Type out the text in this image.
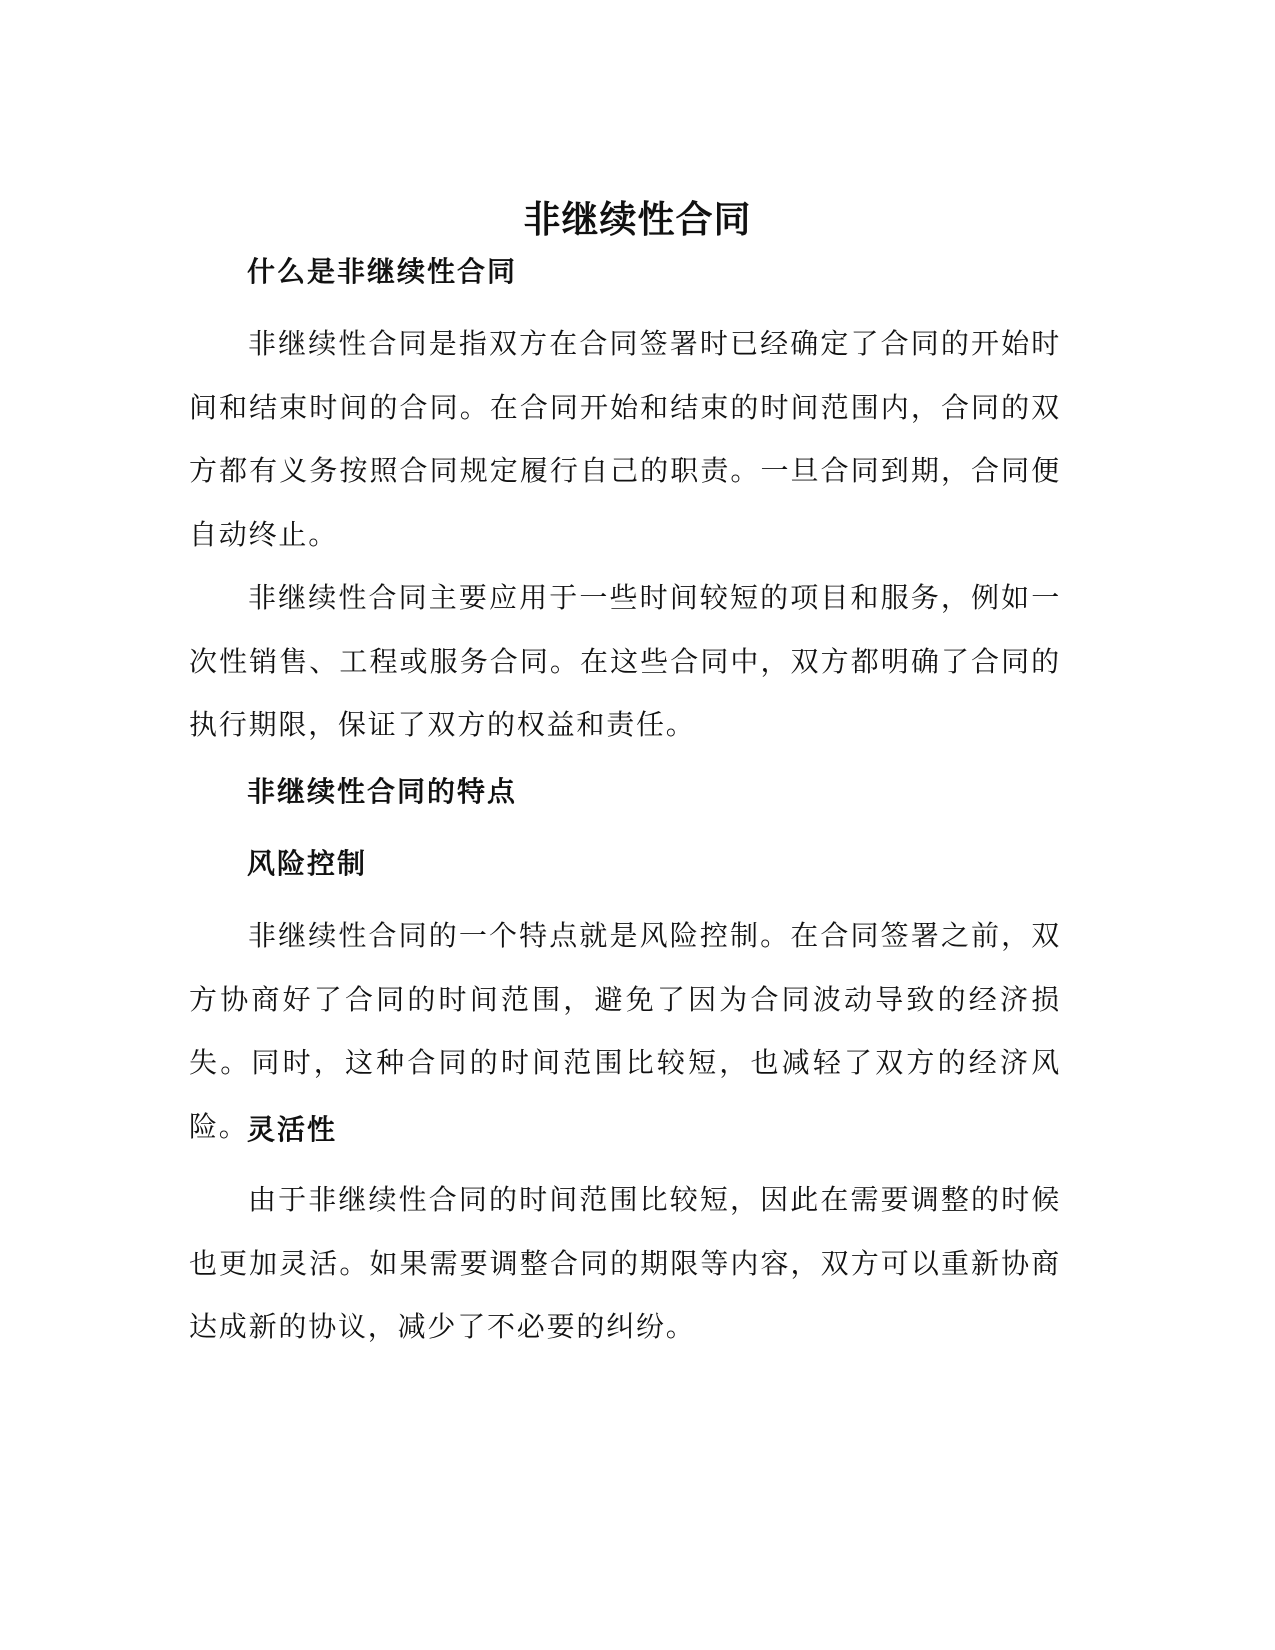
非继续性合同
什么是非继续性合同

非继续性合同是指双方在合同签署时已经确定了合同的开始时间和结束时间的合同。在合同开始和结束的时间范围内，合同的双方都有义务按照合同规定履行自己的职责。一旦合同到期，合同便自动终止。

非继续性合同主要应用于一些时间较短的项目和服务，例如一次性销售、工程或服务合同。在这些合同中，双方都明确了合同的执行期限，保证了双方的权益和责任。

非继续性合同的特点
风险控制

非继续性合同的一个特点就是风险控制。在合同签署之前，双方协商好了合同的时间范围，避免了因为合同波动导致的经济损失。同时，这种合同的时间范围比较短，也减轻了双方的经济风险。

灵活性

由于非继续性合同的时间范围比较短，因此在需要调整的时候也更加灵活。如果需要调整合同的期限等内容，双方可以重新协商达成新的协议，减少了不必要的纠纷。
